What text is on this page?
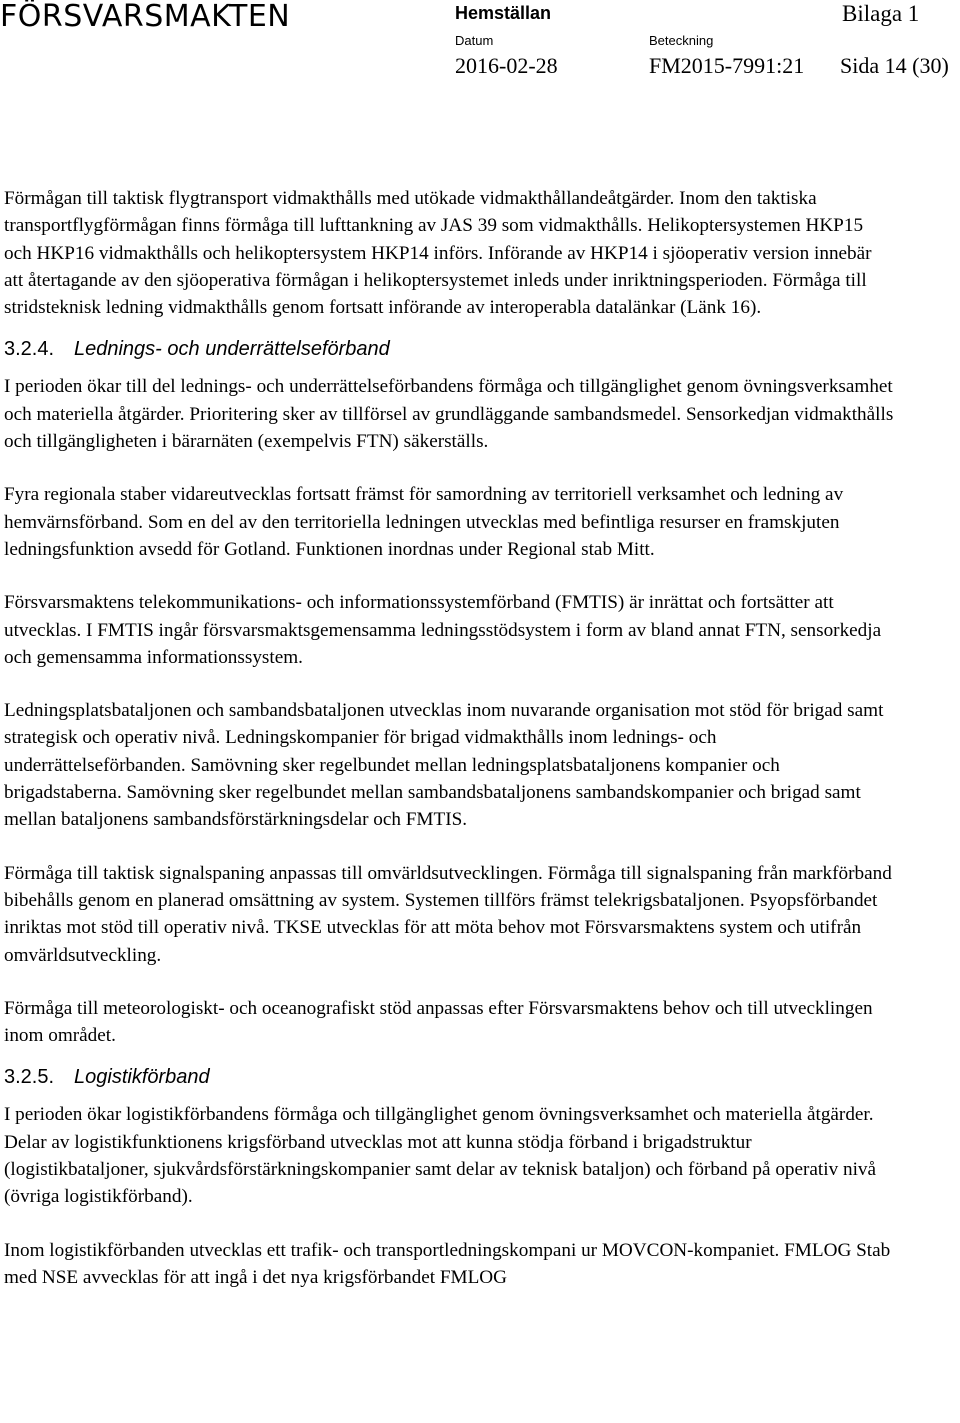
FÖRSVARSMAKTEN	Hemställan	Bilaga 1
Datum	Beteckning
2016-02-28	FM2015-7991:21 Sida 14 (30)

Förmågan till taktisk flygtransport vidmakthålls med utökade vidmakthållandeåtgärder. Inom den taktiska transportflygförmågan finns förmåga till lufttankning av JAS 39 som vidmakthålls. Helikoptersystemen HKP15 och HKP16 vidmakthålls och helikoptersystem HKP14 införs. Införande av HKP14 i sjöoperativ version innebär att återtagande av den sjöoperativa förmågan i helikoptersystemet inleds under inriktningsperioden. Förmåga till stridsteknisk ledning vidmakthålls genom fortsatt införande av interoperabla datalänkar (Länk 16).

3.2.4. Lednings- och underrättelseförband

I perioden ökar till del lednings- och underrättelseförbandens förmåga och tillgänglighet genom övningsverksamhet och materiella åtgärder. Prioritering sker av tillförsel av grundläggande sambandsmedel. Sensorkedjan vidmakthålls och tillgängligheten i bärarnäten (exempelvis FTN) säkerställs.

Fyra regionala staber vidareutvecklas fortsatt främst för samordning av territoriell verksamhet och ledning av hemvärnsförband. Som en del av den territoriella ledningen utvecklas med befintliga resurser en framskjuten ledningsfunktion avsedd för Gotland. Funktionen inordnas under Regional stab Mitt.

Försvarsmaktens telekommunikations- och informationssystemförband (FMTIS) är inrättat och fortsätter att utvecklas. I FMTIS ingår försvarsmaktsgemensamma ledningsstödsystem i form av bland annat FTN, sensorkedja och gemensamma informationssystem.

Ledningsplatsbataljonen och sambandsbataljonen utvecklas inom nuvarande organisation mot stöd för brigad samt strategisk och operativ nivå. Ledningskompanier för brigad vidmakthålls inom lednings- och underrättelseförbanden. Samövning sker regelbundet mellan ledningsplatsbataljonens kompanier och brigadstaberna. Samövning sker regelbundet mellan sambandsbataljonens sambandskompanier och brigad samt mellan bataljonens sambandsförstärkningsdelar och FMTIS.

Förmåga till taktisk signalspaning anpassas till omvärldsutvecklingen. Förmåga till signalspaning från markförband bibehålls genom en planerad omsättning av system. Systemen tillförs främst telekrigsbataljonen. Psyopsförbandet inriktas mot stöd till operativ nivå. TKSE utvecklas för att möta behov mot Försvarsmaktens system och utifrån omvärldsutveckling.

Förmåga till meteorologiskt- och oceanografiskt stöd anpassas efter Försvarsmaktens behov och till utvecklingen inom området.

3.2.5. Logistikförband

I perioden ökar logistikförbandens förmåga och tillgänglighet genom övningsverksamhet och materiella åtgärder. Delar av logistikfunktionens krigsförband utvecklas mot att kunna stödja förband i brigadstruktur (logistikbataljoner, sjukvårdsförstärkningskompanier samt delar av teknisk bataljon) och förband på operativ nivå (övriga logistikförband).

Inom logistikförbanden utvecklas ett trafik- och transportledningskompani ur MOVCON-kompaniet. FMLOG Stab med NSE avvecklas för att ingå i det nya krigsförbandet FMLOG
